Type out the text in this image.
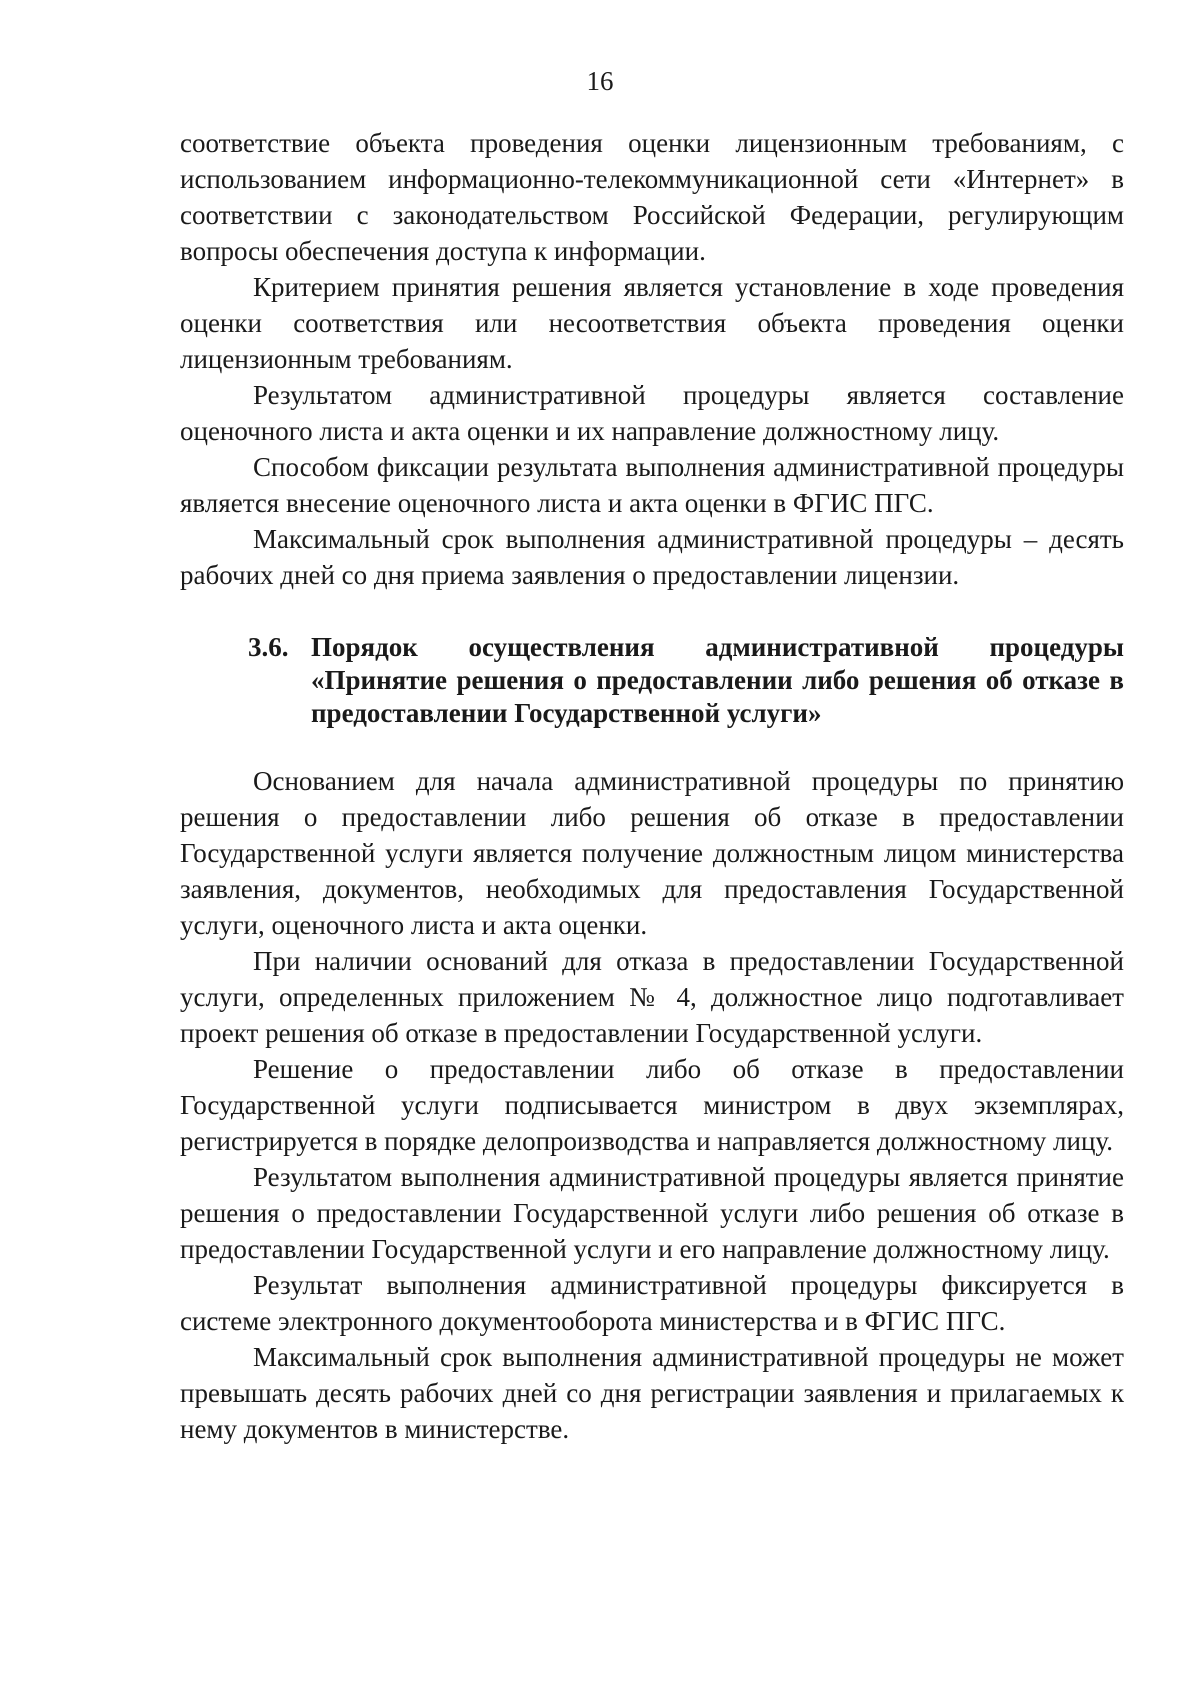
16

соответствие объекта проведения оценки лицензионным требованиям, с использованием информационно-телекоммуникационной сети «Интернет» в соответствии с законодательством Российской Федерации, регулирующим вопросы обеспечения доступа к информации.

Критерием принятия решения является установление в ходе проведения оценки соответствия или несоответствия объекта проведения оценки лицензионным требованиям.

Результатом административной процедуры является составление оценочного листа и акта оценки и их направление должностному лицу.

Способом фиксации результата выполнения административной процедуры является внесение оценочного листа и акта оценки в ФГИС ПГС.

Максимальный срок выполнения административной процедуры – десять рабочих дней со дня приема заявления о предоставлении лицензии.

3.6. Порядок осуществления административной процедуры «Принятие решения о предоставлении либо решения об отказе в предоставлении Государственной услуги»

Основанием для начала административной процедуры по принятию решения о предоставлении либо решения об отказе в предоставлении Государственной услуги является получение должностным лицом министерства заявления, документов, необходимых для предоставления Государственной услуги, оценочного листа и акта оценки.

При наличии оснований для отказа в предоставлении Государственной услуги, определенных приложением № 4, должностное лицо подготавливает проект решения об отказе в предоставлении Государственной услуги.

Решение о предоставлении либо об отказе в предоставлении Государственной услуги подписывается министром в двух экземплярах, регистрируется в порядке делопроизводства и направляется должностному лицу.

Результатом выполнения административной процедуры является принятие решения о предоставлении Государственной услуги либо решения об отказе в предоставлении Государственной услуги и его направление должностному лицу.

Результат выполнения административной процедуры фиксируется в системе электронного документооборота министерства и в ФГИС ПГС.

Максимальный срок выполнения административной процедуры не может превышать десять рабочих дней со дня регистрации заявления и прилагаемых к нему документов в министерстве.
